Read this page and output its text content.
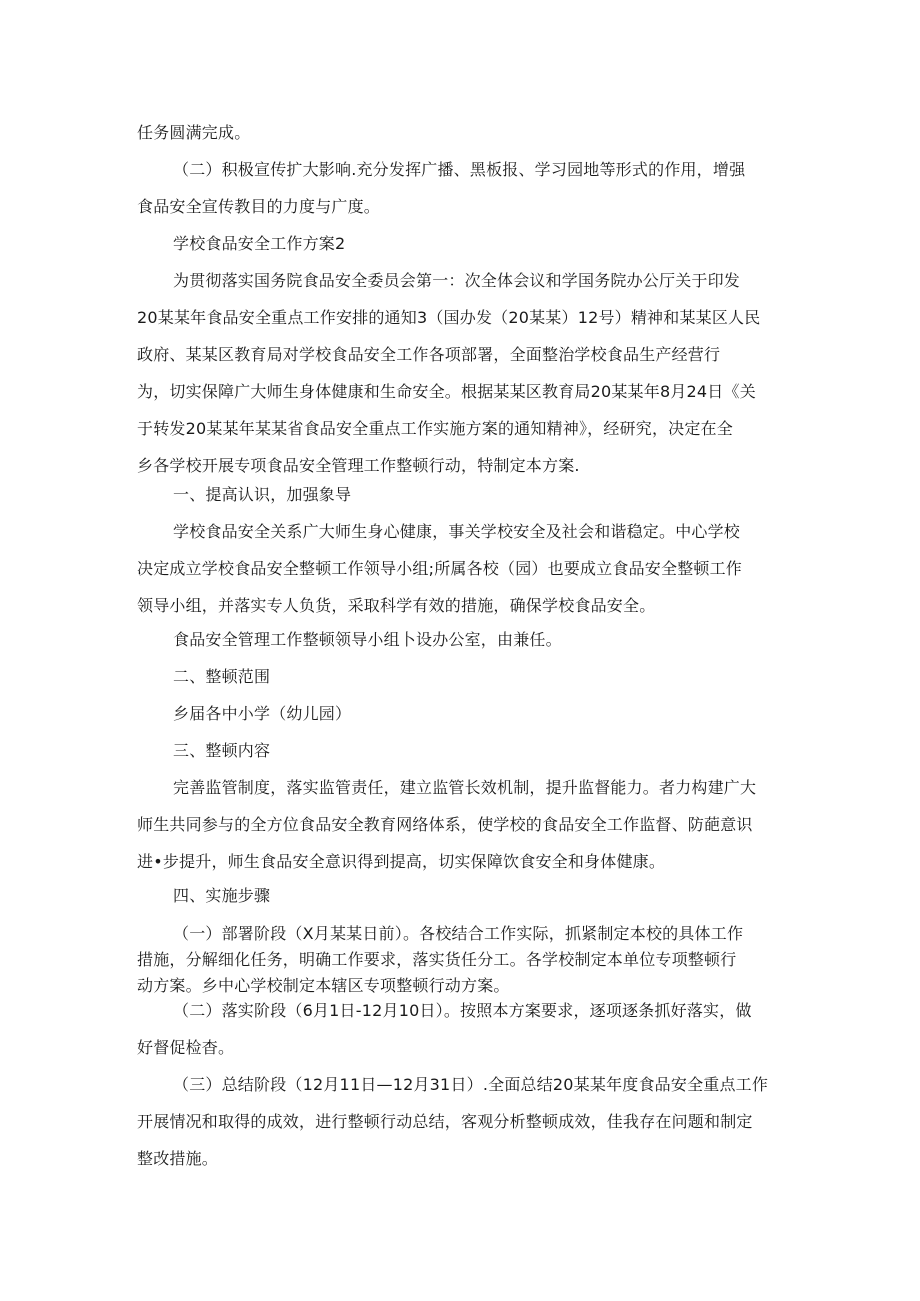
任务圆满完成。

（二）积极宣传扩大影响.充分发挥广播、黑板报、学习园地等形式的作用，增强
食品安全宣传教目的力度与广度。

学校食品安全工作方案2

为贯彻落实国务院食品安全委员会第一：次全体会议和学国务院办公厅关于印发
20某某年食品安全重点工作安排的通知3（国办发（20某某）12号）精神和某某区人民
政府、某某区教育局对学校食品安全工作各项部署，全面整治学校食品生产经营行
为，切实保障广大师生身体健康和生命安全。根据某某区教育局20某某年8月24日《关
于转发20某某年某某省食品安全重点工作实施方案的通知精神》，经研究，决定在全
乡各学校开展专项食品安全管理工作整顿行动，特制定本方案.

一、提高认识，加强象导

学校食品安全关系广大师生身心健康，事关学校安全及社会和谐稳定。中心学校
决定成立学校食品安全整顿工作领导小组;所属各校（园）也要成立食品安全整顿工作
领导小组，并落实专人负货，采取科学有效的措施，确保学校食品安全。

食品安全管理工作整顿领导小组卜设办公室，由兼任。

二、整顿范围

乡届各中小学（幼儿园）

三、整顿内容

完善监管制度，落实监管责任，建立监管长效机制，提升监督能力。者力构建广大
师生共同参与的全方位食品安全教育网络体系，使学校的食品安全工作监督、防葩意识
进•步提升，师生食品安全意识得到提高，切实保障饮食安全和身体健康。

四、实施步骤

（一）部署阶段（X月某某日前）。各校结合工作实际，抓紧制定本校的具体工作
措施，分解细化任务，明确工作要求，落实货任分工。各学校制定本单位专项整顿行
动方案。乡中心学校制定本辖区专项整顿行动方案。

（二）落实阶段（6月1日-12月10日）。按照本方案要求，逐项逐条抓好落实，做
好督促检杳。

（三）总结阶段（12月11日—12月31日）.全面总结20某某年度食品安全重点工作
开展情况和取得的成效，进行整顿行动总结，客观分析整顿成效，佳我存在问题和制定
整改措施。
